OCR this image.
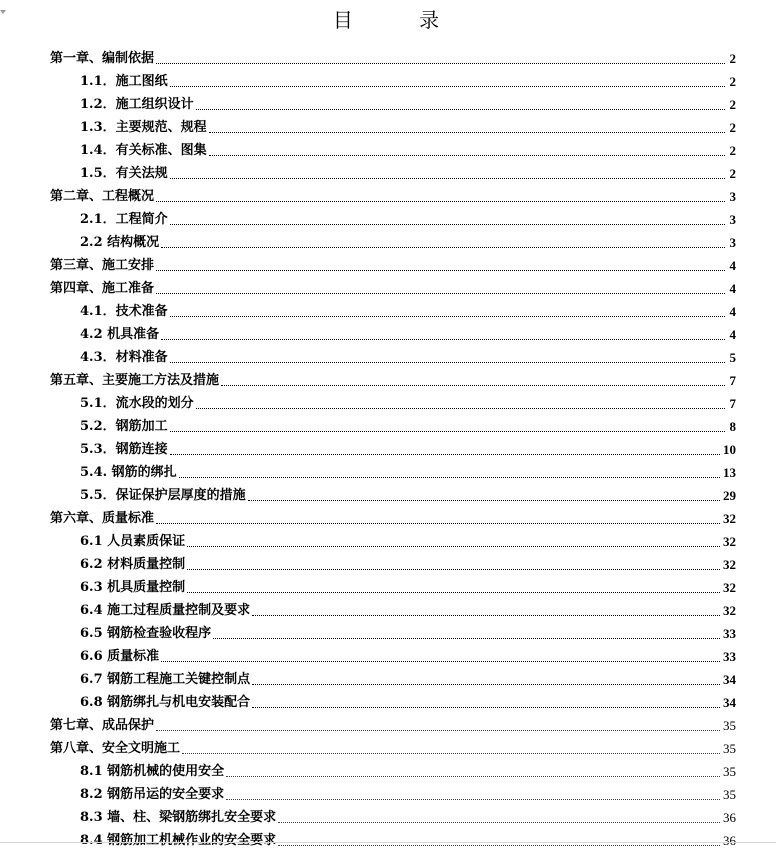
目 录
第一章、编制依据	2
1.1．施工图纸	2
1.2．施工组织设计	2
1.3．主要规范、规程	2
1.4．有关标准、图集	2
1.5．有关法规	2
第二章、工程概况	3
2.1．工程简介	3
2.2 结构概况	3
第三章、施工安排	4
第四章、施工准备	4
4.1．技术准备	4
4.2 机具准备	4
4.3．材料准备	5
第五章、主要施工方法及措施	7
5.1．流水段的划分	7
5.2．钢筋加工	8
5.3．钢筋连接	10
5.4. 钢筋的绑扎	13
5.5．保证保护层厚度的措施	29
第六章、质量标准	32
6.1 人员素质保证	32
6.2 材料质量控制	32
6.3 机具质量控制	32
6.4 施工过程质量控制及要求	32
6.5 钢筋检查验收程序	33
6.6 质量标准	33
6.7 钢筋工程施工关键控制点	34
6.8 钢筋绑扎与机电安装配合	34
第七章、成品保护	35
第八章、安全文明施工	35
8.1 钢筋机械的使用安全	35
8.2 钢筋吊运的安全要求	35
8.3 墙、柱、梁钢筋绑扎安全要求	36
8.4 钢筋加工机械作业的安全要求	36
